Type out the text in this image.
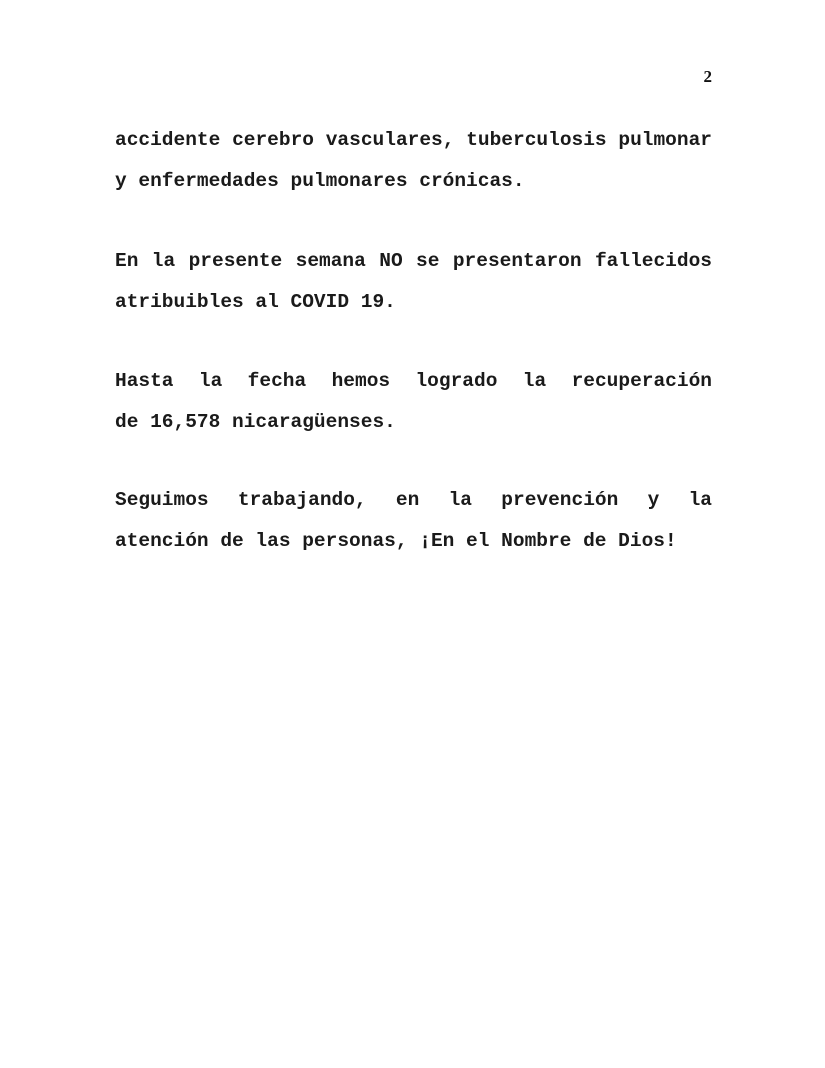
2
accidente cerebro vasculares, tuberculosis pulmonar
y enfermedades pulmonares crónicas.
En la presente semana NO se presentaron fallecidos
atribuibles al COVID 19.
Hasta la fecha hemos logrado la recuperación
de 16,578 nicaragüenses.
Seguimos trabajando, en la prevención y la
atención de las personas, ¡En el Nombre de Dios!
